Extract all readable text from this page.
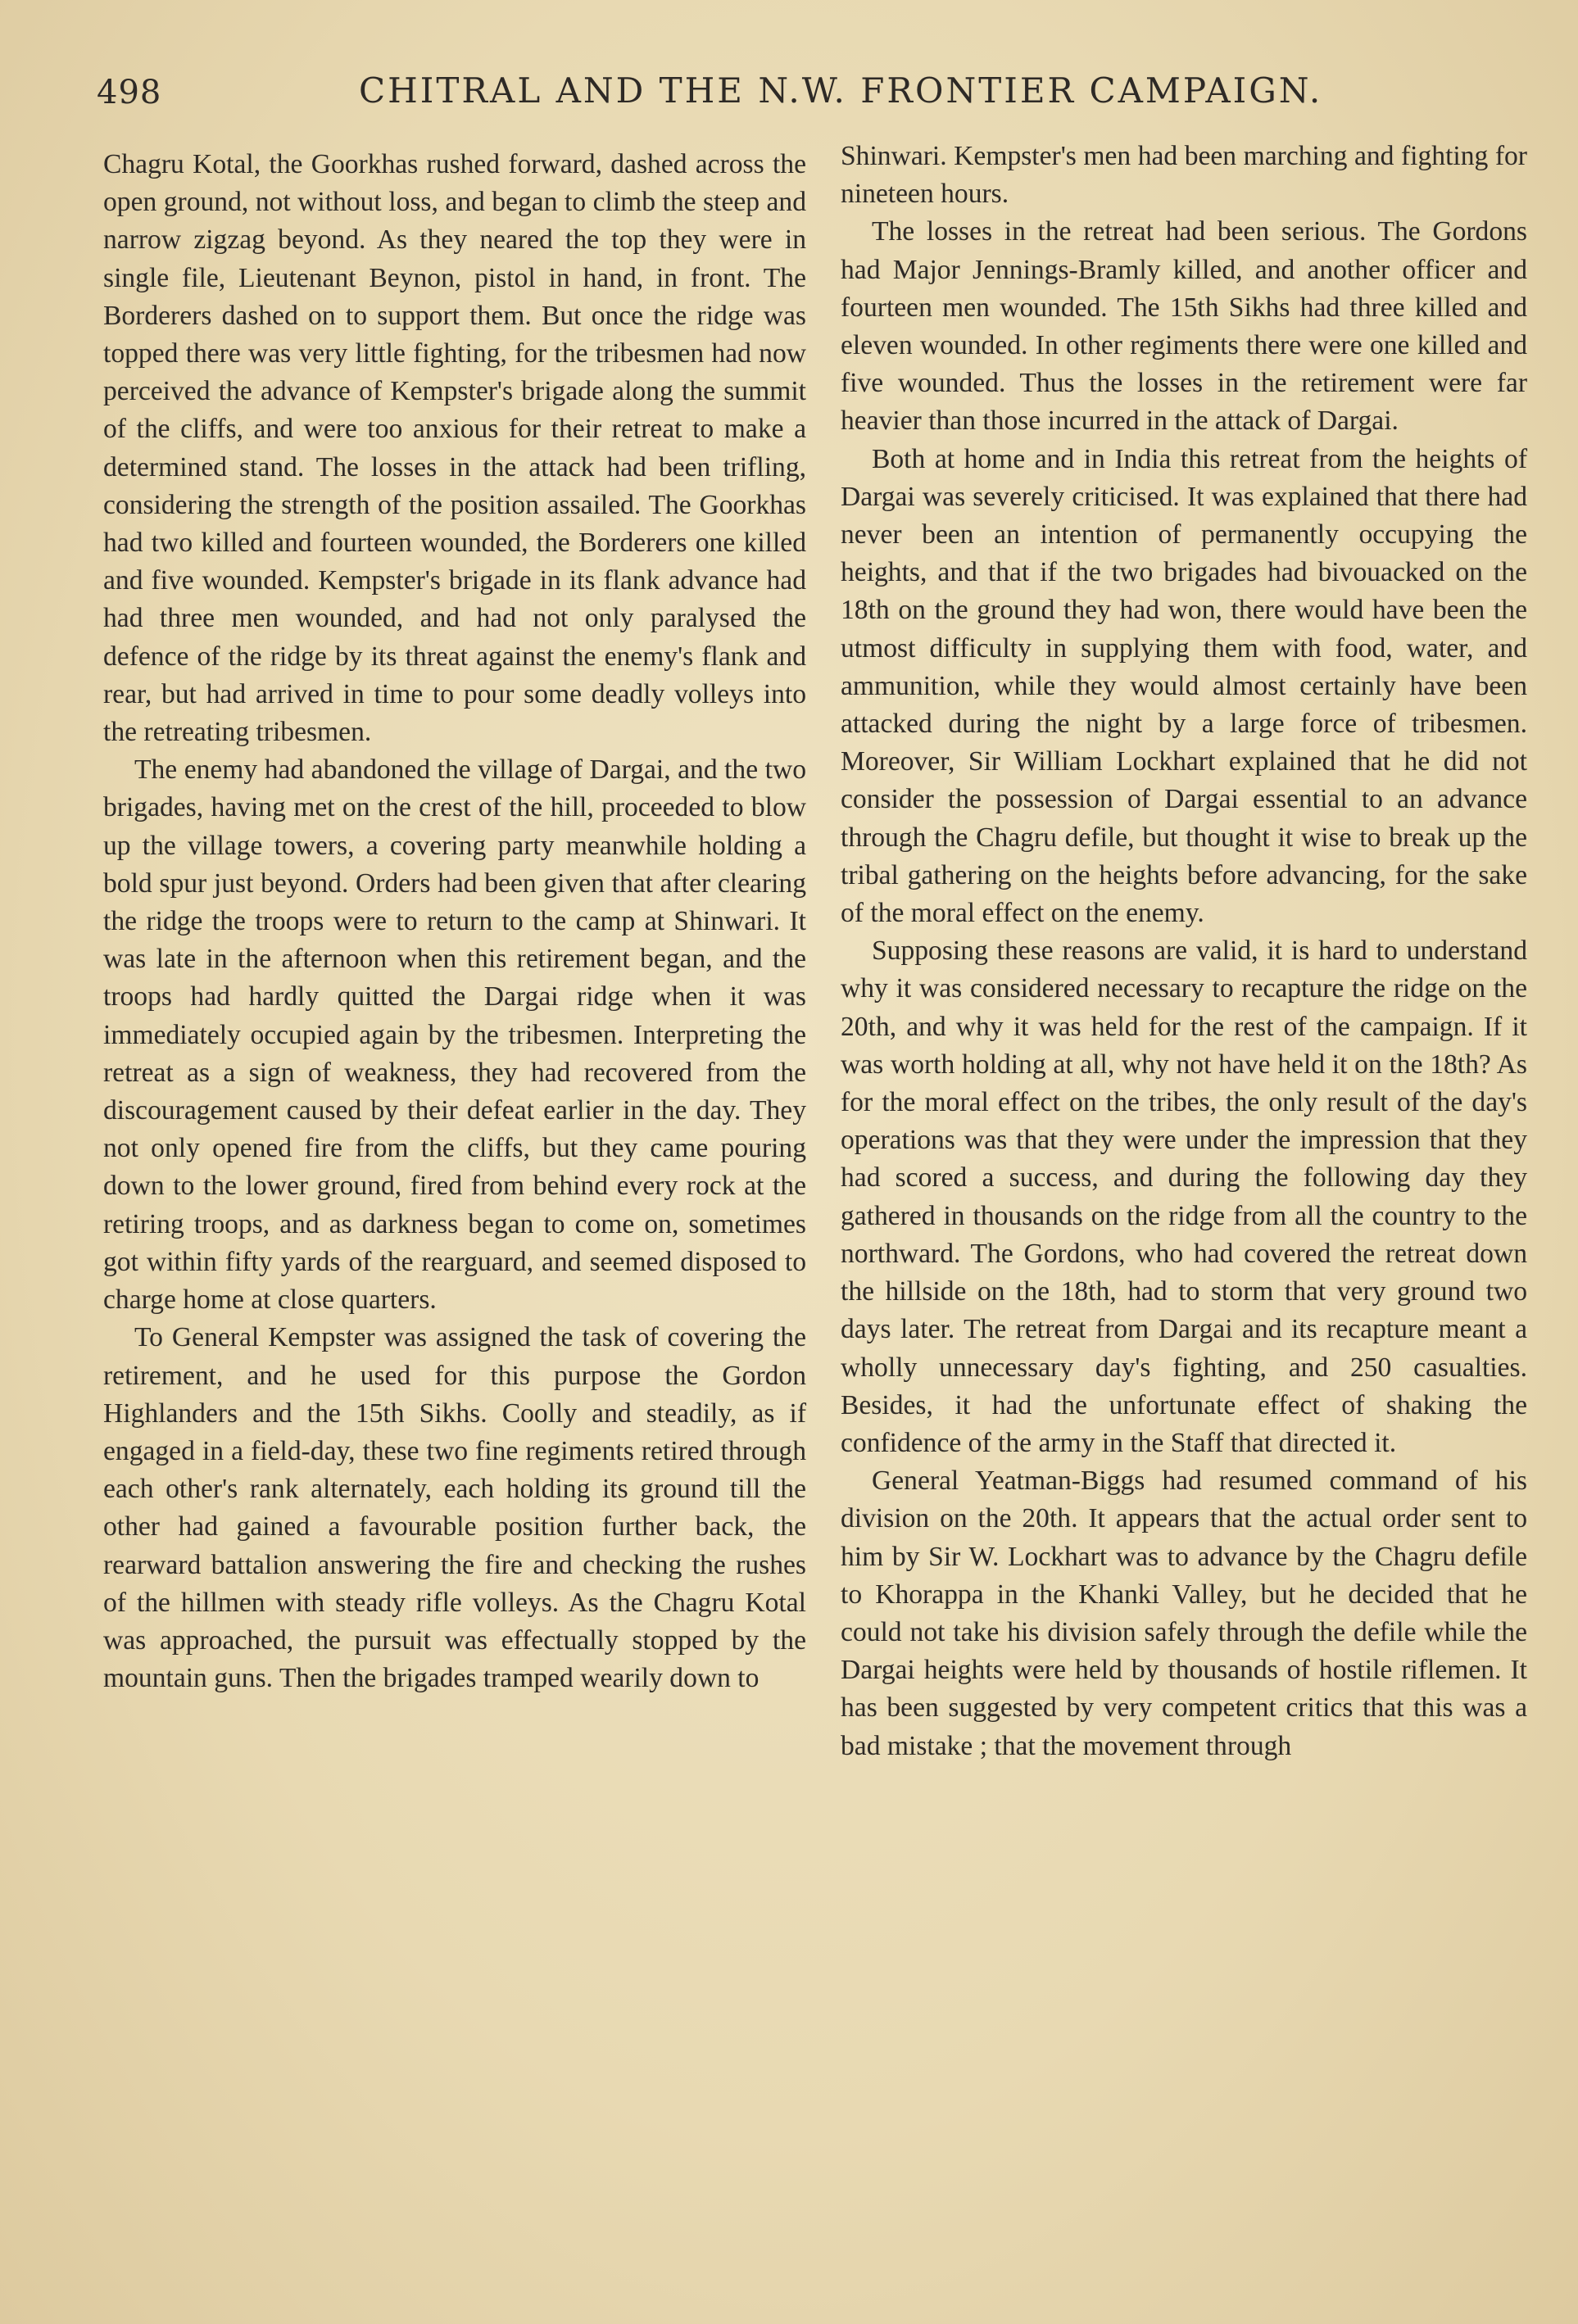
498	CHITRAL AND THE N.W. FRONTIER CAMPAIGN.

Chagru Kotal, the Goorkhas rushed forward, dashed across the open ground, not without loss, and began to climb the steep and narrow zigzag beyond. As they neared the top they were in single file, Lieutenant Beynon, pistol in hand, in front. The Borderers dashed on to support them. But once the ridge was topped there was very little fighting, for the tribesmen had now perceived the advance of Kempster's brigade along the summit of the cliffs, and were too anxious for their retreat to make a determined stand. The losses in the attack had been trifling, considering the strength of the position assailed. The Goorkhas had two killed and fourteen wounded, the Borderers one killed and five wounded. Kempster's brigade in its flank advance had had three men wounded, and had not only paralysed the defence of the ridge by its threat against the enemy's flank and rear, but had arrived in time to pour some deadly volleys into the retreating tribesmen.

The enemy had abandoned the village of Dargai, and the two brigades, having met on the crest of the hill, proceeded to blow up the village towers, a covering party meanwhile holding a bold spur just beyond. Orders had been given that after clearing the ridge the troops were to return to the camp at Shinwari. It was late in the afternoon when this retirement began, and the troops had hardly quitted the Dargai ridge when it was immediately occupied again by the tribesmen. Interpreting the retreat as a sign of weakness, they had recovered from the discouragement caused by their defeat earlier in the day. They not only opened fire from the cliffs, but they came pouring down to the lower ground, fired from behind every rock at the retiring troops, and as darkness began to come on, sometimes got within fifty yards of the rearguard, and seemed disposed to charge home at close quarters.

To General Kempster was assigned the task of covering the retirement, and he used for this purpose the Gordon Highlanders and the 15th Sikhs. Coolly and steadily, as if engaged in a field-day, these two fine regiments retired through each other's rank alternately, each holding its ground till the other had gained a favourable position further back, the rearward battalion answering the fire and checking the rushes of the hillmen with steady rifle volleys. As the Chagru Kotal was approached, the pursuit was effectually stopped by the mountain guns. Then the brigades tramped wearily down to

Shinwari. Kempster's men had been marching and fighting for nineteen hours.

The losses in the retreat had been serious. The Gordons had Major Jennings-Bramly killed, and another officer and fourteen men wounded. The 15th Sikhs had three killed and eleven wounded. In other regiments there were one killed and five wounded. Thus the losses in the retirement were far heavier than those incurred in the attack of Dargai.

Both at home and in India this retreat from the heights of Dargai was severely criticised. It was explained that there had never been an intention of permanently occupying the heights, and that if the two brigades had bivouacked on the 18th on the ground they had won, there would have been the utmost difficulty in supplying them with food, water, and ammunition, while they would almost certainly have been attacked during the night by a large force of tribesmen. Moreover, Sir William Lockhart explained that he did not consider the possession of Dargai essential to an advance through the Chagru defile, but thought it wise to break up the tribal gathering on the heights before advancing, for the sake of the moral effect on the enemy.

Supposing these reasons are valid, it is hard to understand why it was considered necessary to recapture the ridge on the 20th, and why it was held for the rest of the campaign. If it was worth holding at all, why not have held it on the 18th? As for the moral effect on the tribes, the only result of the day's operations was that they were under the impression that they had scored a success, and during the following day they gathered in thousands on the ridge from all the country to the northward. The Gordons, who had covered the retreat down the hillside on the 18th, had to storm that very ground two days later. The retreat from Dargai and its recapture meant a wholly unnecessary day's fighting, and 250 casualties. Besides, it had the unfortunate effect of shaking the confidence of the army in the Staff that directed it.

General Yeatman-Biggs had resumed command of his division on the 20th. It appears that the actual order sent to him by Sir W. Lockhart was to advance by the Chagru defile to Khorappa in the Khanki Valley, but he decided that he could not take his division safely through the defile while the Dargai heights were held by thousands of hostile riflemen. It has been suggested by very competent critics that this was a bad mistake ; that the movement through
